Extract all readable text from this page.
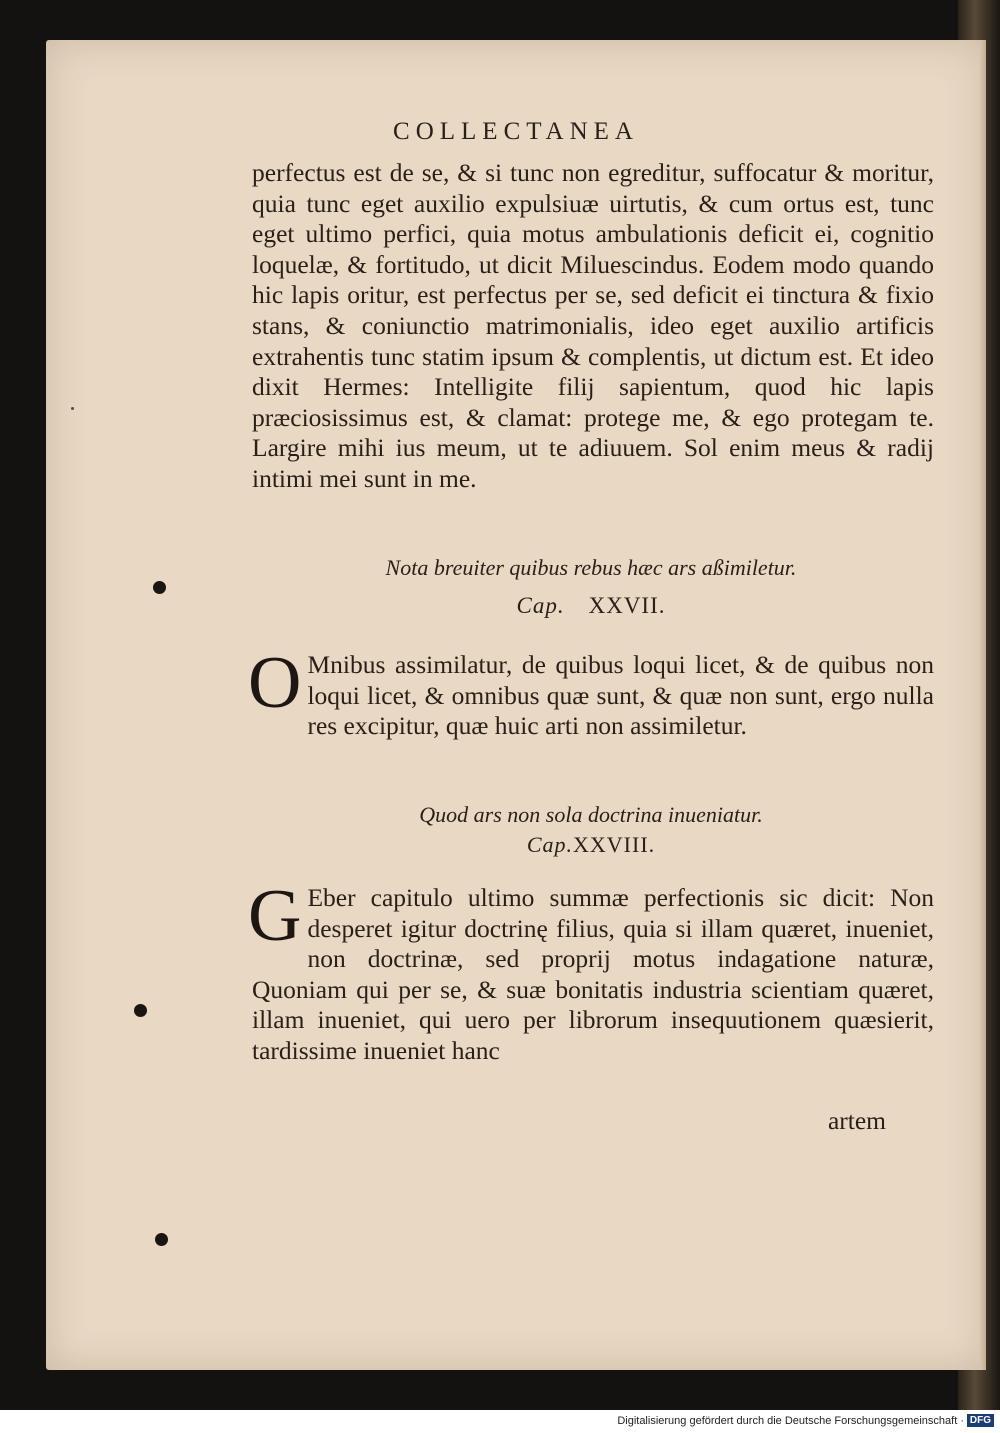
COLLECTANEA
perfectus est de se, & si tunc non egreditur, suffocatur & moritur, quia tunc eget auxilio expulsiuæ uirtutis, & cum ortus est, tunc eget ultimo perfici, quia motus ambulationis deficit ei, cognitio loquelæ, & fortitudo, ut dicit Miluescindus. Eodem modo quando hic lapis oritur, est perfectus per se, sed deficit ei tinctura & fixio stans, & coniunctio matrimonialis, ideo eget auxilio artificis extrahentis tunc statim ipsum & complentis, ut dictum est. Et ideo dixit Hermes: Intelligite filij sapientum, quod hic lapis præciosissimus est, & clamat: protege me, & ego protegam te. Largire mihi ius meum, ut te adiuuem. Sol enim meus & radij intimi mei sunt in me.
Nota breuiter quibus rebus hæc ars aßimiletur.
Cap. XXVII.
O Mnibus assimilatur, de quibus loqui licet, & de quibus non loqui licet, & omnibus quæ sunt, & quæ non sunt, ergo nulla res excipitur, quæ huic arti non assimiletur.
Quod ars non sola doctrina inueniatur.
Cap.XXVIII.
G Eber capitulo ultimo summæ perfectionis sic dicit: Non desperet igitur doctrinę filius, quia si illam quæret, inueniet, non doctrinæ, sed proprij motus indagatione naturæ, Quoniam qui per se, & suæ bonitatis industria scientiam quæret, illam inueniet, qui uero per librorum insequutionem quæsierit, tardissime inueniet hanc
artem
Digitalisierung gefördert durch die Deutsche Forschungsgemeinschaft · DFG
